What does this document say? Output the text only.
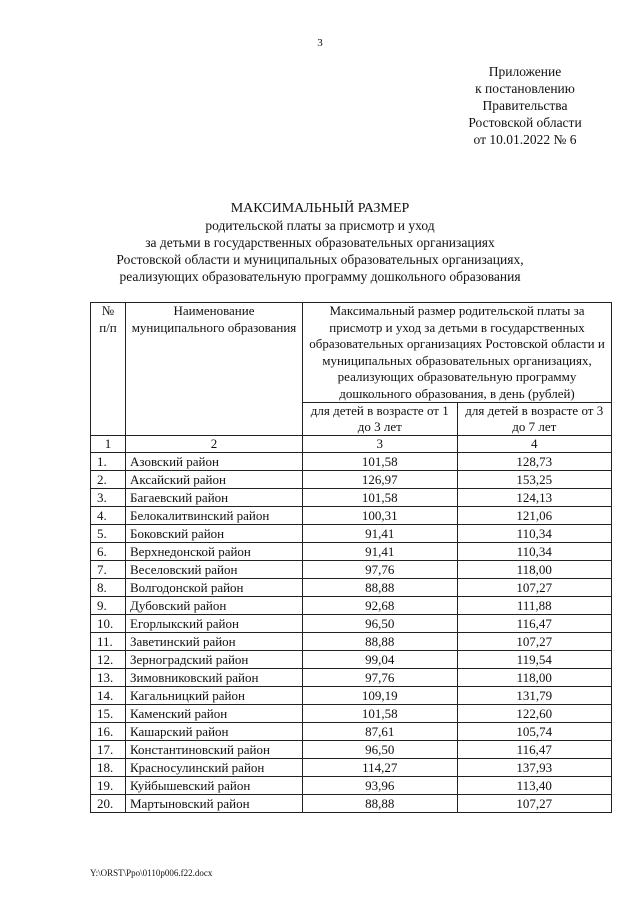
3
Приложение
к постановлению
Правительства
Ростовской области
от 10.01.2022 № 6
МАКСИМАЛЬНЫЙ РАЗМЕР
родительской платы за присмотр и уход
за детьми в государственных образовательных организациях
Ростовской области и муниципальных образовательных организациях,
реализующих образовательную программу дошкольного образования
№ п/п	Наименование муниципального образования	Максимальный размер родительской платы за присмотр и уход за детьми в государственных образовательных организациях Ростовской области и муниципальных образовательных организациях, реализующих образовательную программу дошкольного образования, в день (рублей)	
		для детей в возрасте от 1 до 3 лет	для детей в возрасте от 3 до 7 лет
1	2	3	4
1.	Азовский район	101,58	128,73
2.	Аксайский район	126,97	153,25
3.	Багаевский район	101,58	124,13
4.	Белокалитвинский район	100,31	121,06
5.	Боковский район	91,41	110,34
6.	Верхнедонской район	91,41	110,34
7.	Веселовский район	97,76	118,00
8.	Волгодонской район	88,88	107,27
9.	Дубовский район	92,68	111,88
10.	Егорлыкский район	96,50	116,47
11.	Заветинский район	88,88	107,27
12.	Зерноградский район	99,04	119,54
13.	Зимовниковский район	97,76	118,00
14.	Кагальницкий район	109,19	131,79
15.	Каменский район	101,58	122,60
16.	Кашарский район	87,61	105,74
17.	Константиновский район	96,50	116,47
18.	Красносулинский район	114,27	137,93
19.	Куйбышевский район	93,96	113,40
20.	Мартыновский район	88,88	107,27
Y:\ORST\Ppo\0110p006.f22.docx
